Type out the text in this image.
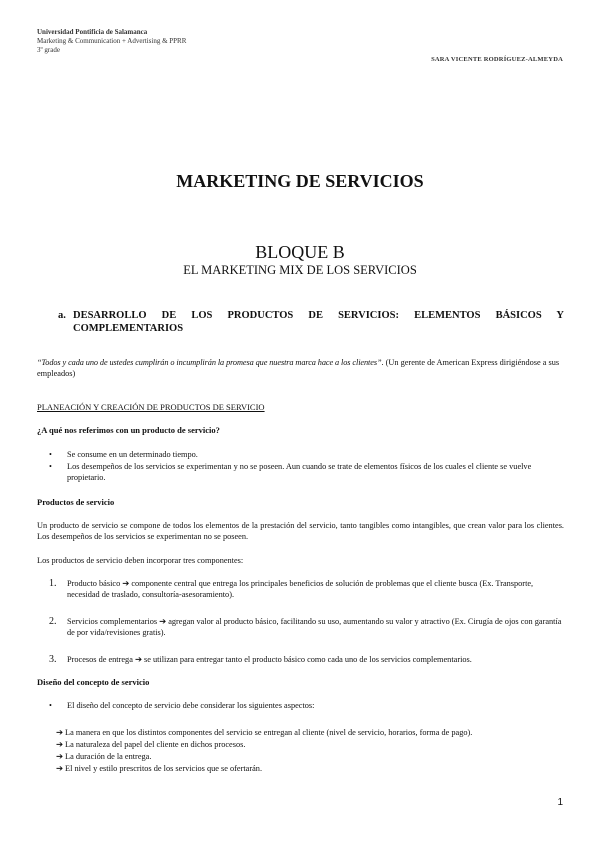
Universidad Pontificia de Salamanca
Marketing & Communication + Advertising & PPRR
3º grade
SARA VICENTE RODRÍGUEZ-ALMEYDA
MARKETING DE SERVICIOS
BLOQUE B
EL MARKETING MIX DE LOS SERVICIOS
a. DESARROLLO DE LOS PRODUCTOS DE SERVICIOS: ELEMENTOS BÁSICOS Y
COMPLEMENTARIOS
“Todos y cada uno de ustedes cumplirán o incumplirán la promesa que nuestra marca hace a los clientes”. (Un gerente de American Express dirigiéndose a sus empleados)
PLANEACIÓN Y CREACIÓN DE PRODUCTOS DE SERVICIO
¿A qué nos referimos con un producto de servicio?
• Se consume en un determinado tiempo.
• Los desempeños de los servicios se experimentan y no se poseen. Aun cuando se trate de elementos físicos de los cuales el cliente se vuelve propietario.
Productos de servicio
Un producto de servicio se compone de todos los elementos de la prestación del servicio, tanto tangibles como intangibles, que crean valor para los clientes. Los desempeños de los servicios se experimentan no se poseen.
Los productos de servicio deben incorporar tres componentes:
1. Producto básico ➔ componente central que entrega los principales beneficios de solución de problemas que el cliente busca (Ex. Transporte, necesidad de traslado, consultoría-asesoramiento).
2. Servicios complementarios ➔ agregan valor al producto básico, facilitando su uso, aumentando su valor y atractivo (Ex. Cirugía de ojos con garantía de por vida/revisiones gratis).
3. Procesos de entrega ➔ se utilizan para entregar tanto el producto básico como cada uno de los servicios complementarios.
Diseño del concepto de servicio
• El diseño del concepto de servicio debe considerar los siguientes aspectos:
➔ La manera en que los distintos componentes del servicio se entregan al cliente (nivel de servicio, horarios, forma de pago).
➔ La naturaleza del papel del cliente en dichos procesos.
➔ La duración de la entrega.
➔ El nivel y estilo prescritos de los servicios que se ofertarán.
1
